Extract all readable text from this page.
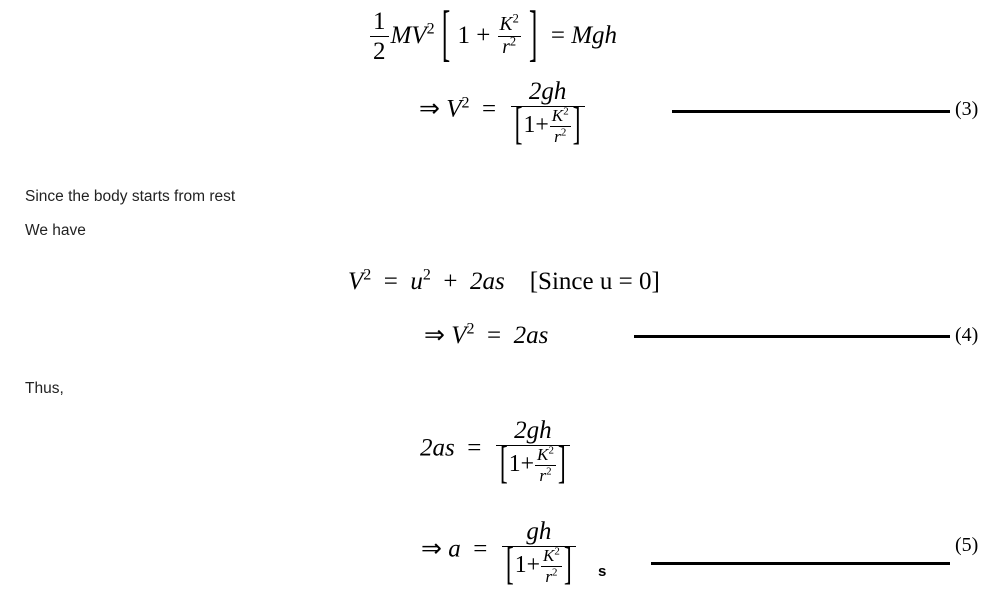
$\frac{1}{2} MV^2$ [ $1 + \frac{K^2}{r^2}$ ] = Mgh
⇒ $V^2 = \frac{2gh}{[1+ \frac{K^2}{r^2} ]}$	(3)
Since the body starts from rest
We have
$V^2 = u^2 + 2as$ [Since u = 0]
⇒ $V^2 = 2as$	(4)
Thus,
$2as = \frac{2gh}{[1+ \frac{K^2}{r^2} ]}$
⇒ $a = \frac{gh}{[1+ \frac{K^2}{r^2} ]}$ s
(5)
